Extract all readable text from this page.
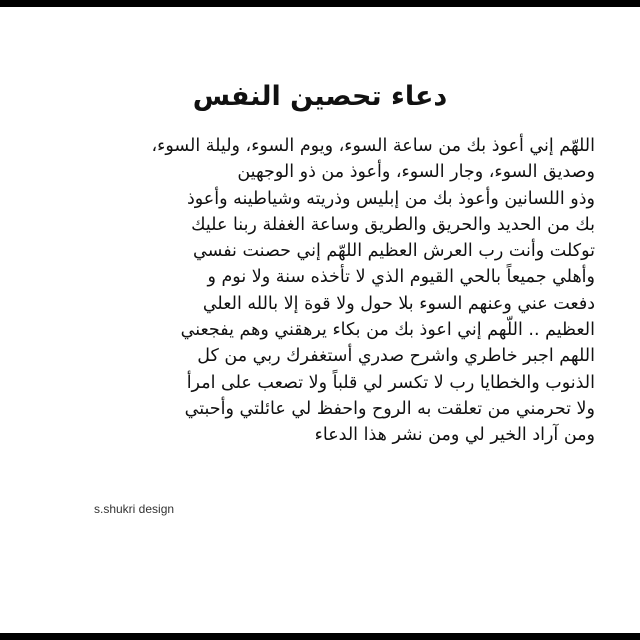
دعاء تحصين النفس
اللهّم إني أعوذ بك من ساعة السوء، ويوم السوء، وليلة السوء،
وصديق السوء، وجار السوء، وأعوذ من ذو الوجهين
وذو اللسانين وأعوذ بك من إبليس وذريته وشياطينه وأعوذ
بك من الحديد والحريق والطريق وساعة الغفلة ربنا عليك
توكلت وأنت رب العرش العظيم اللهّم إني حصنت نفسي
وأهلي جميعاً بالحي القيوم الذي لا تأخذه سنة ولا نوم و
دفعت عني وعنهم السوء بلا حول ولا قوة إلا بالله العلي
العظيم .. اللّهم إني اعوذ بك من بكاء يرهقني وهم يفجعني
اللهم اجبر خاطري واشرح صدري أستغفرك ربي من كل
الذنوب والخطايا رب لا تكسر لي قلباً ولا تصعب على امرأ
ولا تحرمني من تعلقت به الروح واحفظ لي عائلتي وأحبتي
ومن آراد الخير لي ومن نشر هذا الدعاء
s.shukri design
